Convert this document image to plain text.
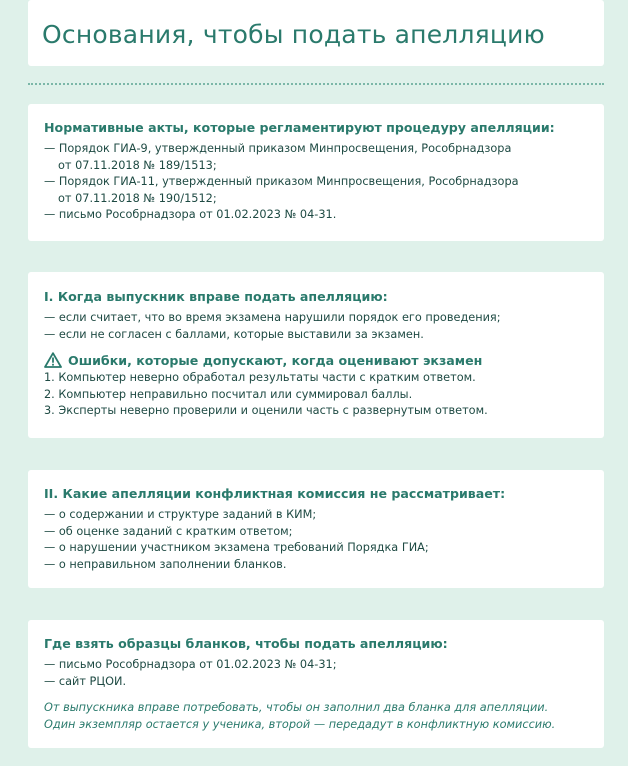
Основания, чтобы подать апелляцию
Нормативные акты, которые регламентируют процедуру апелляции:
— Порядок ГИА-9, утвержденный приказом Минпросвещения, Рособрнадзора
от 07.11.2018 № 189/1513;
— Порядок ГИА-11, утвержденный приказом Минпросвещения, Рособрнадзора
от 07.11.2018 № 190/1512;
— письмо Рособрнадзора от 01.02.2023 № 04-31.
I. Когда выпускник вправе подать апелляцию:
— если считает, что во время экзамена нарушили порядок его проведения;
— если не согласен с баллами, которые выставили за экзамен.
Ошибки, которые допускают, когда оценивают экзамен
1. Компьютер неверно обработал результаты части с кратким ответом.
2. Компьютер неправильно посчитал или суммировал баллы.
3. Эксперты неверно проверили и оценили часть с развернутым ответом.
II. Какие апелляции конфликтная комиссия не рассматривает:
— о содержании и структуре заданий в КИМ;
— об оценке заданий с кратким ответом;
— о нарушении участником экзамена требований Порядка ГИА;
— о неправильном заполнении бланков.
Где взять образцы бланков, чтобы подать апелляцию:
— письмо Рособрнадзора от 01.02.2023 № 04-31;
— сайт РЦОИ.
От выпускника вправе потребовать, чтобы он заполнил два бланка для апелляции.
Один экземпляр остается у ученика, второй — передадут в конфликтную комиссию.
